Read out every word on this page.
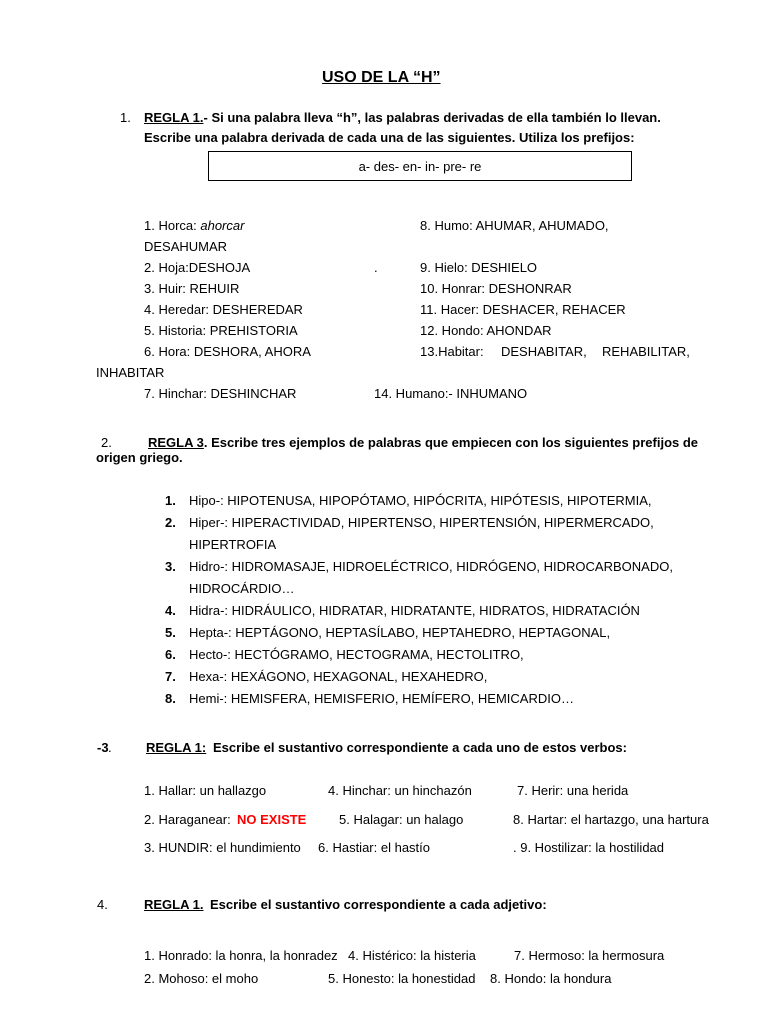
USO DE LA “H”
1. REGLA 1.- Si una palabra lleva “h”, las palabras derivadas de ella también lo llevan.
Escribe una palabra derivada de cada una de las siguientes. Utiliza los prefijos:
a- des- en- in- pre- re
1. Horca: ahorcar	8. Humo: AHUMAR, AHUMADO,
DESAHUMAR
2. Hoja:DESHOJA	.	9. Hielo: DESHIELO
3. Huir: REHUIR	10. Honrar: DESHONRAR
4. Heredar: DESHEREDAR	11. Hacer: DESHACER, REHACER
5. Historia: PREHISTORIA	12. Hondo: AHONDAR
6. Hora: DESHORA, AHORA	13.Habitar: DESHABITAR, REHABILITAR,
INHABITAR
7. Hinchar: DESHINCHAR	14. Humano:- INHUMANO
2.	REGLA 3. Escribe tres ejemplos de palabras que empiecen con los siguientes prefijos de
origen griego.
1. Hipo-: HIPOTENUSA, HIPOPÓTAMO, HIPÓCRITA, HIPÓTESIS, HIPOTERMIA,
2. Hiper-: HIPERACTIVIDAD, HIPERTENSO, HIPERTENSIÓN, HIPERMERCADO,
HIPERTROFIA
3. Hidro-: HIDROMASAJE, HIDROELÉCTRICO, HIDRÓGENO, HIDROCARBONADO,
HIDROCÁRDIO…
4. Hidra-: HIDRÁULICO, HIDRATAR, HIDRATANTE, HIDRATOS, HIDRATACIÓN
5. Hepta-: HEPTÁGONO, HEPTASÍLABO, HEPTAHEDRO, HEPTAGONAL,
6. Hecto-: HECTÓGRAMO, HECTOGRAMA, HECTOLITRO,
7. Hexa-: HEXÁGONO, HEXAGONAL, HEXAHEDRO,
8. Hemi-: HEMISFERA, HEMISFERIO, HEMÍFERO, HEMICARDIO…
-3 .	REGLA 1: Escribe el sustantivo correspondiente a cada uno de estos verbos:
1. Hallar: un hallazgo	4. Hinchar: un hinchazón	7. Herir: una herida
2. Haraganear: NO EXISTE	5. Halagar: un halago	8. Hartar: el hartazgo, una hartura
3. HUNDIR: el hundimiento 6. Hastiar: el hastío	. 9. Hostilizar: la hostilidad
4.	REGLA 1. Escribe el sustantivo correspondiente a cada adjetivo:
1. Honrado: la honra, la honradez 4. Histérico: la histeria	7. Hermoso: la hermosura
2. Mohoso: el moho	5. Honesto: la honestidad 8. Hondo: la hondura
